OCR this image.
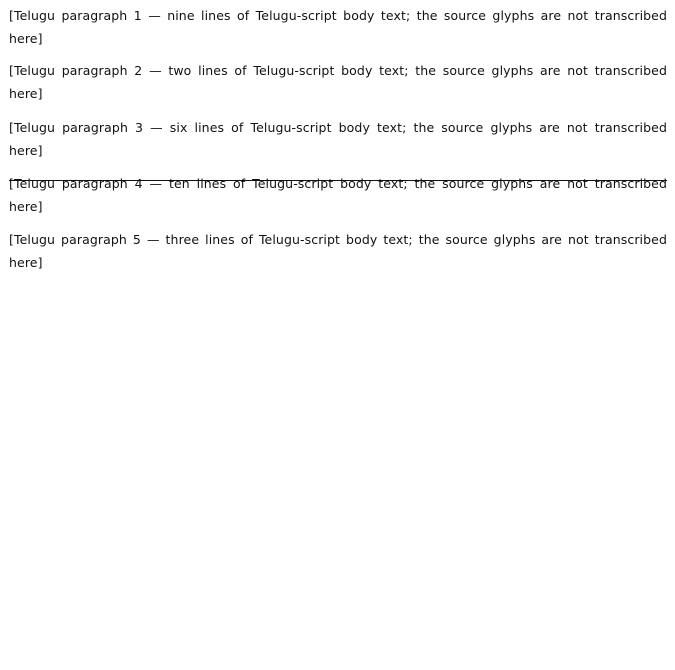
[Telugu paragraph 1 — nine lines of Telugu-script body text; the source glyphs are not transcribed here]

[Telugu paragraph 2 — two lines of Telugu-script body text; the source glyphs are not transcribed here]

[Telugu paragraph 3 — six lines of Telugu-script body text; the source glyphs are not transcribed here]

[Telugu paragraph 4 — ten lines of Telugu-script body text; the source glyphs are not transcribed here]

[Telugu paragraph 5 — three lines of Telugu-script body text; the source glyphs are not transcribed here]
